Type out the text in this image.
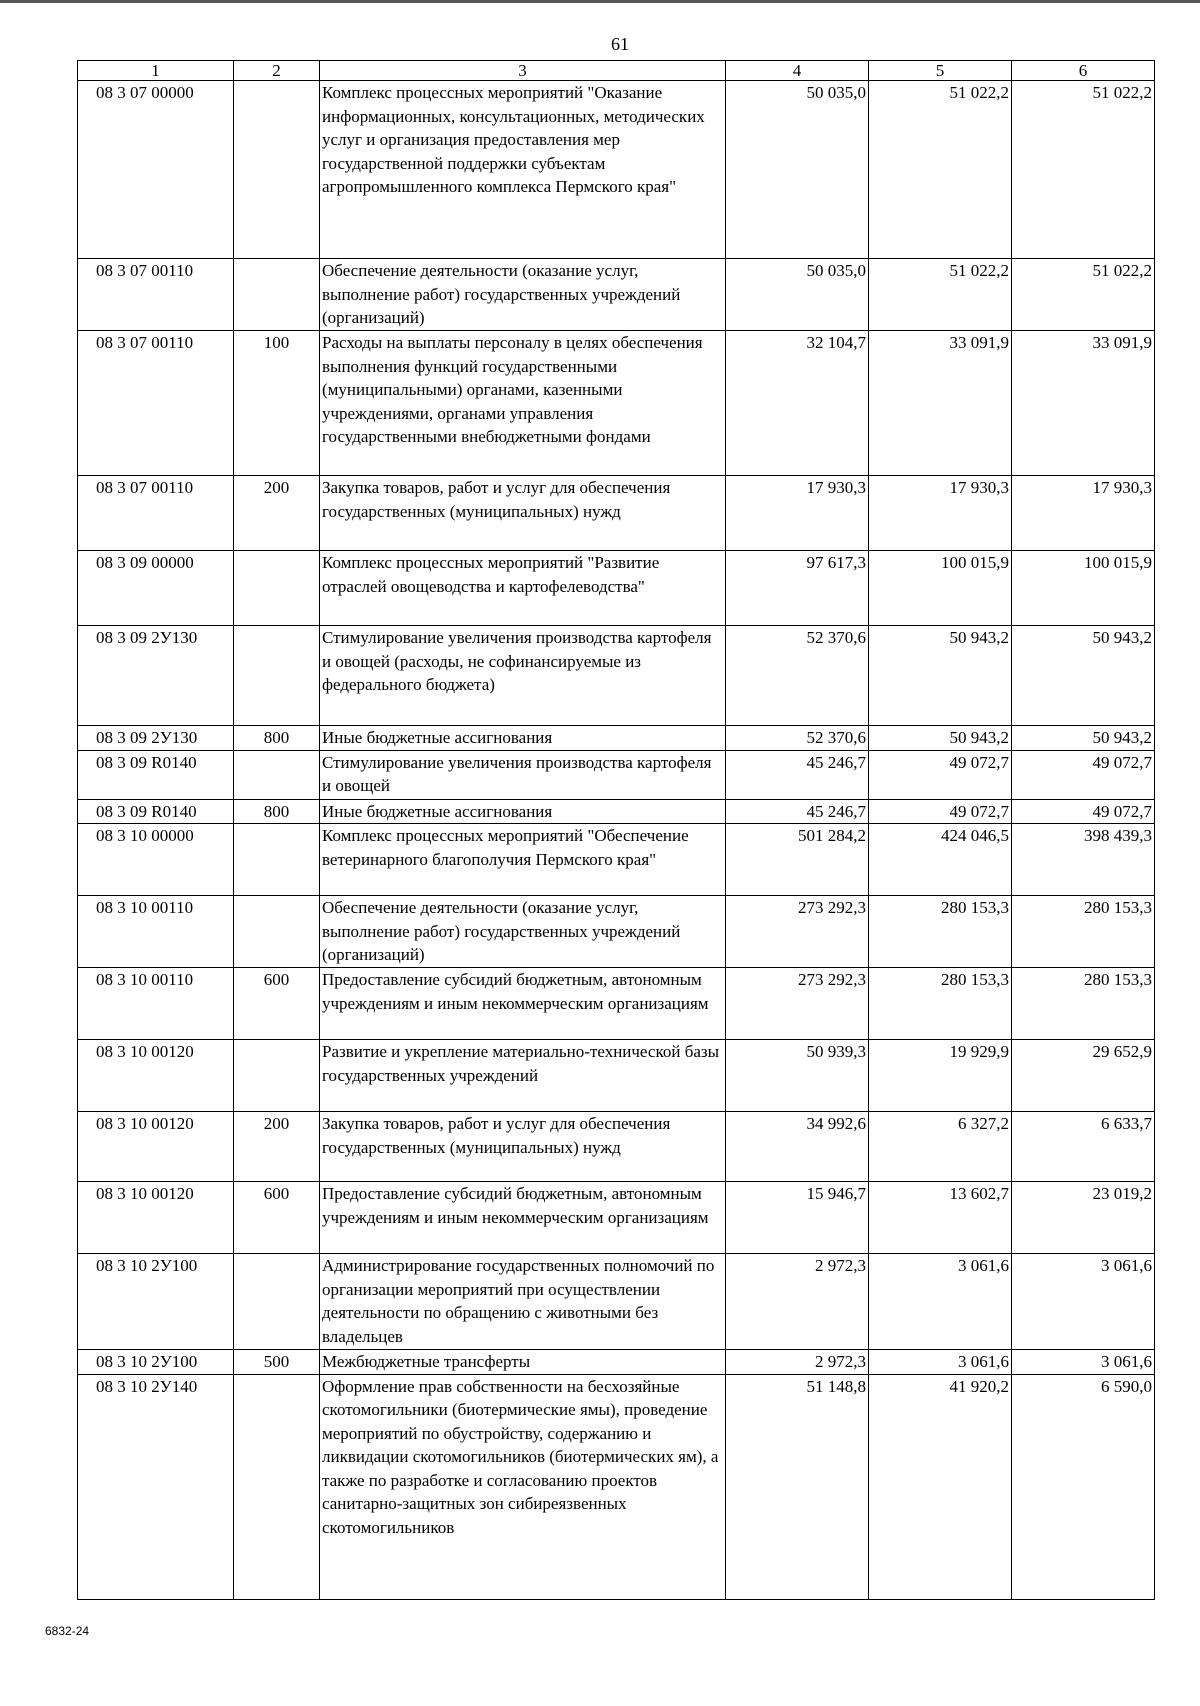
61
1	2	3	4	5	6
08 3 07 00000		Комплекс процессных мероприятий "Оказание информационных, консультационных, методических услуг и организация предоставления мер государственной поддержки субъектам агропромышленного комплекса Пермского края"	50 035,0	51 022,2	51 022,2
08 3 07 00110		Обеспечение деятельности (оказание услуг, выполнение работ) государственных учреждений (организаций)	50 035,0	51 022,2	51 022,2
08 3 07 00110	100	Расходы на выплаты персоналу в целях обеспечения выполнения функций государственными (муниципальными) органами, казенными учреждениями, органами управления государственными внебюджетными фондами	32 104,7	33 091,9	33 091,9
08 3 07 00110	200	Закупка товаров, работ и услуг для обеспечения государственных (муниципальных) нужд	17 930,3	17 930,3	17 930,3
08 3 09 00000		Комплекс процессных мероприятий "Развитие отраслей овощеводства и картофелеводства"	97 617,3	100 015,9	100 015,9
08 3 09 2У130		Стимулирование увеличения производства картофеля и овощей (расходы, не софинансируемые из федерального бюджета)	52 370,6	50 943,2	50 943,2
08 3 09 2У130	800	Иные бюджетные ассигнования	52 370,6	50 943,2	50 943,2
08 3 09 R0140		Стимулирование увеличения производства картофеля и овощей	45 246,7	49 072,7	49 072,7
08 3 09 R0140	800	Иные бюджетные ассигнования	45 246,7	49 072,7	49 072,7
08 3 10 00000		Комплекс процессных мероприятий "Обеспечение ветеринарного благополучия Пермского края"	501 284,2	424 046,5	398 439,3
08 3 10 00110		Обеспечение деятельности (оказание услуг, выполнение работ) государственных учреждений (организаций)	273 292,3	280 153,3	280 153,3
08 3 10 00110	600	Предоставление субсидий бюджетным, автономным учреждениям и иным некоммерческим организациям	273 292,3	280 153,3	280 153,3
08 3 10 00120		Развитие и укрепление материально-технической базы государственных учреждений	50 939,3	19 929,9	29 652,9
08 3 10 00120	200	Закупка товаров, работ и услуг для обеспечения государственных (муниципальных) нужд	34 992,6	6 327,2	6 633,7
08 3 10 00120	600	Предоставление субсидий бюджетным, автономным учреждениям и иным некоммерческим организациям	15 946,7	13 602,7	23 019,2
08 3 10 2У100		Администрирование государственных полномочий по организации мероприятий при осуществлении деятельности по обращению с животными без владельцев	2 972,3	3 061,6	3 061,6
08 3 10 2У100	500	Межбюджетные трансферты	2 972,3	3 061,6	3 061,6
08 3 10 2У140		Оформление прав собственности на бесхозяйные скотомогильники (биотермические ямы), проведение мероприятий по обустройству, содержанию и ликвидации скотомогильников (биотермических ям), а также по разработке и согласованию проектов санитарно-защитных зон сибиреязвенных скотомогильников	51 148,8	41 920,2	6 590,0
6832-24
